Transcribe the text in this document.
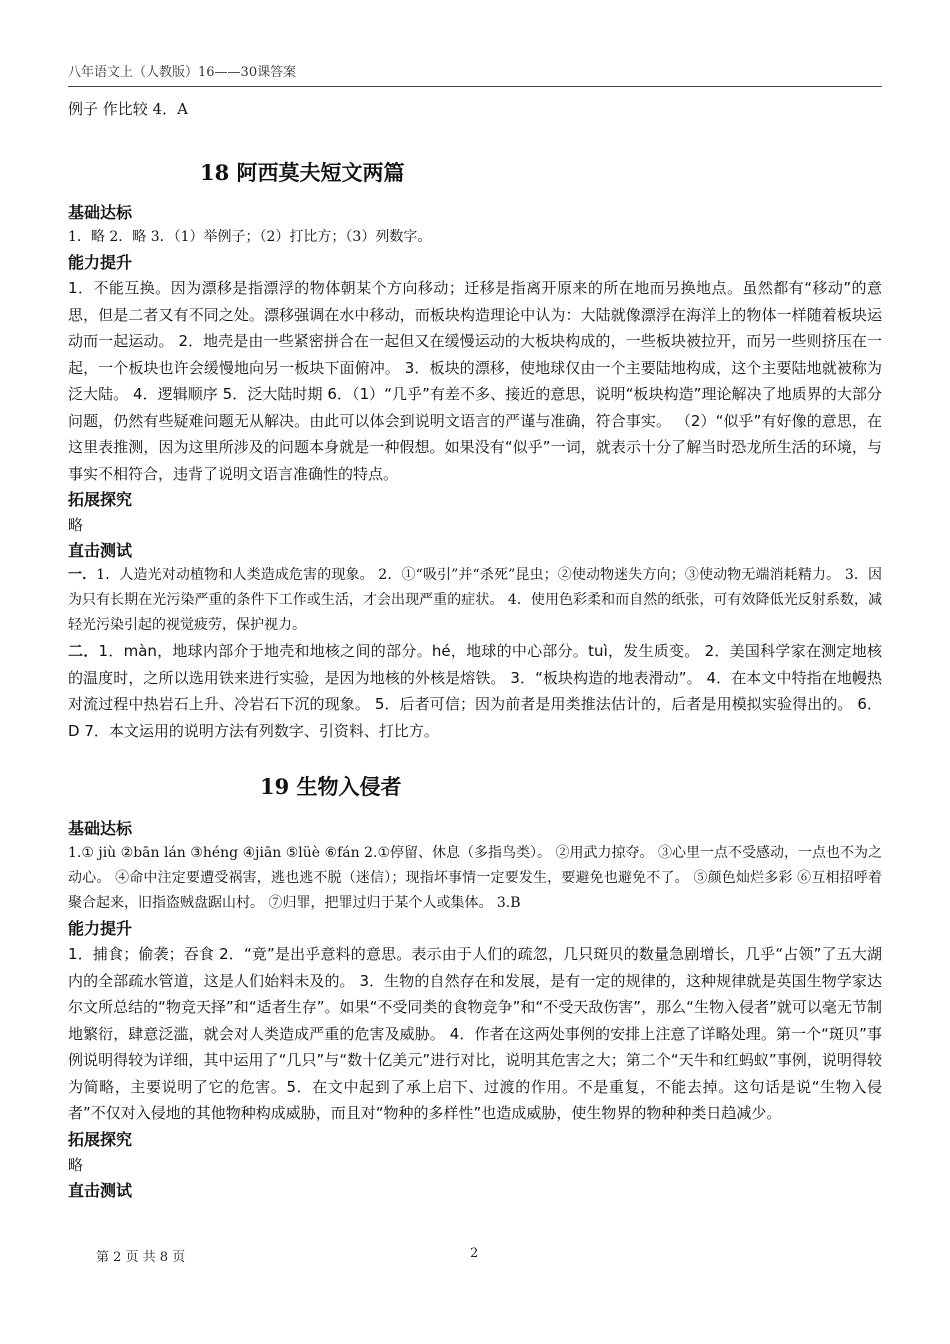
八年语文上（人教版）16——30课答案
例子 作比较 4．A
18 阿西莫夫短文两篇
基础达标
1．略 2．略 3．（1）举例子；（2）打比方；（3）列数字。
能力提升
1．不能互换。因为漂移是指漂浮的物体朝某个方向移动；迁移是指离开原来的所在地而另换地点。虽然都有“移动”的意思，但是二者又有不同之处。漂移强调在水中移动，而板块构造理论中认为：大陆就像漂浮在海洋上的物体一样随着板块运动而一起运动。 2．地壳是由一些紧密拼合在一起但又在缓慢运动的大板块构成的，一些板块被拉开，而另一些则挤压在一起，一个板块也许会缓慢地向另一板块下面俯冲。 3．板块的漂移，使地球仅由一个主要陆地构成，这个主要陆地就被称为泛大陆。 4．逻辑顺序 5．泛大陆时期 6．（1）“几乎”有差不多、接近的意思，说明“板块构造”理论解决了地质界的大部分问题，仍然有些疑难问题无从解决。由此可以体会到说明文语言的严谨与准确，符合事实。 （2）“似乎”有好像的意思，在这里表推测，因为这里所涉及的问题本身就是一种假想。如果没有“似乎”一词，就表示十分了解当时恐龙所生活的环境，与事实不相符合，违背了说明文语言准确性的特点。
拓展探究
略
直击测试
一．1．人造光对动植物和人类造成危害的现象。 2．①“吸引”并“杀死”昆虫；②使动物迷失方向；③使动物无端消耗精力。 3．因为只有长期在光污染严重的条件下工作或生活，才会出现严重的症状。 4．使用色彩柔和而自然的纸张，可有效降低光反射系数，减轻光污染引起的视觉疲劳，保护视力。
二．1．màn，地球内部介于地壳和地核之间的部分。hé，地球的中心部分。tuì，发生质变。 2．美国科学家在测定地核的温度时，之所以选用铁来进行实验，是因为地核的外核是熔铁。 3．“板块构造的地表滑动”。 4．在本文中特指在地幔热对流过程中热岩石上升、冷岩石下沉的现象。 5．后者可信；因为前者是用类推法估计的，后者是用模拟实验得出的。 6．D 7．本文运用的说明方法有列数字、引资料、打比方。
19 生物入侵者
基础达标
1.① jiù ②bān lán ③héng ④jiān ⑤lüè ⑥fán 2.①停留、休息（多指鸟类）。 ②用武力掠夺。 ③心里一点不受感动，一点也不为之动心。 ④命中注定要遭受祸害，逃也逃不脱（迷信）；现指坏事情一定要发生，要避免也避免不了。 ⑤颜色灿烂多彩 ⑥互相招呼着聚合起来，旧指盗贼盘踞山村。 ⑦归罪，把罪过归于某个人或集体。 3.B
能力提升
1．捕食；偷袭；吞食 2．“竟”是出乎意料的意思。表示由于人们的疏忽，几只斑贝的数量急剧增长，几乎“占领”了五大湖内的全部疏水管道，这是人们始料未及的。 3．生物的自然存在和发展，是有一定的规律的，这种规律就是英国生物学家达尔文所总结的“物竞天择”和“适者生存”。如果“不受同类的食物竞争”和“不受天敌伤害”，那么“生物入侵者”就可以毫无节制地繁衍，肆意泛滥，就会对人类造成严重的危害及威胁。 4．作者在这两处事例的安排上注意了详略处理。第一个“斑贝”事例说明得较为详细，其中运用了“几只”与“数十亿美元”进行对比，说明其危害之大；第二个“天牛和红蚂蚁”事例，说明得较为简略，主要说明了它的危害。5．在文中起到了承上启下、过渡的作用。不是重复，不能去掉。这句话是说“生物入侵者”不仅对入侵地的其他物种构成威胁，而且对“物种的多样性”也造成威胁，使生物界的物种种类日趋减少。
拓展探究
略
直击测试
第 2 页 共 8 页	2
